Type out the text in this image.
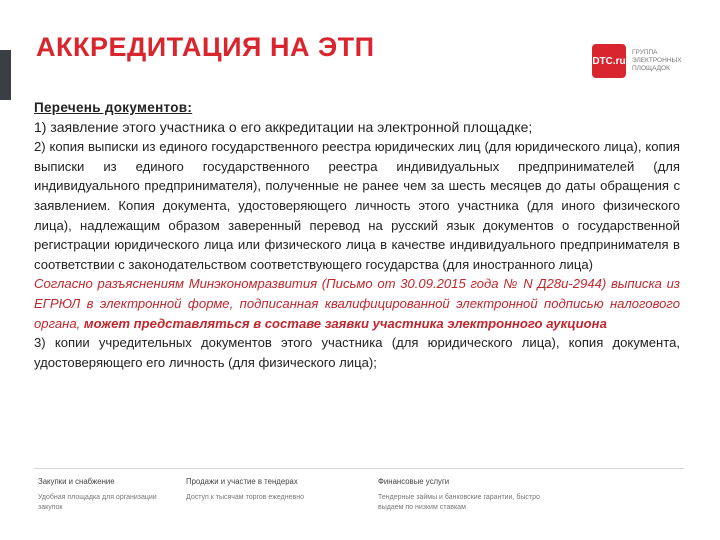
АККРЕДИТАЦИЯ НА ЭТП	DTC.ru
ГРУППА ЭЛЕКТРОННЫХ ПЛОЩАДОК

Перечень документов:

1) заявление этого участника о его аккредитации на электронной площадке;

2) копия выписки из единого государственного реестра юридических лиц (для юридического лица), копия выписки из единого государственного реестра индивидуальных предпринимателей (для индивидуального предпринимателя), полученные не ранее чем за шесть месяцев до даты обращения с заявлением. Копия документа, удостоверяющего личность этого участника (для иного физического лица), надлежащим образом заверенный перевод на русский язык документов о государственной регистрации юридического лица или физического лица в качестве индивидуального предпринимателя в соответствии с законодательством соответствующего государства (для иностранного лица)

Согласно разъяснениям Минэкономразвития (Письмо от 30.09.2015 года № N Д28и-2944) выписка из ЕГРЮЛ в электронной форме, подписанная квалифицированной электронной подписью налогового органа, может представляться в составе заявки участника электронного аукциона

3) копии учредительных документов этого участника (для юридического лица), копия документа, удостоверяющего его личность (для физического лица);

Закупки и снабжение
Удобная площадка для организации закупок
Продажи и участие в тендерах
Доступ к тысячам торгов ежедневно
Финансовые услуги
Тендерные займы и банковские гарантии, быстро выдаем по низким ставкам
